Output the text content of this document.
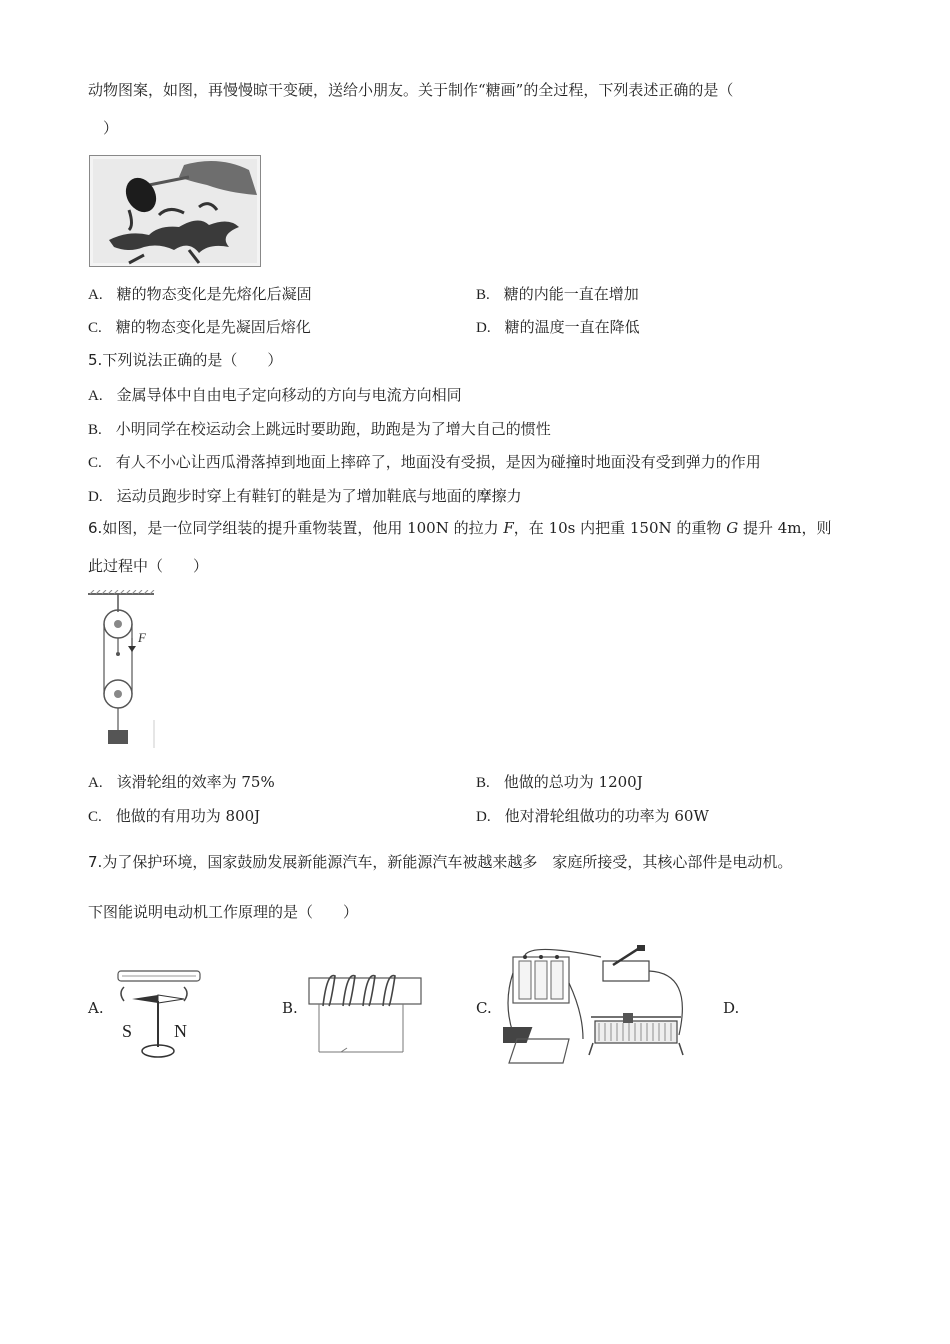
动物图案，如图，再慢慢晾干变硬，送给小朋友。关于制作“糖画”的全过程，下列表述正确的是（
）
A. 糖的物态变化是先熔化后凝固	B. 糖的内能一直在增加
C. 糖的物态变化是先凝固后熔化	D. 糖的温度一直在降低
5.下列说法正确的是（　　）
A. 金属导体中自由电子定向移动的方向与电流方向相同
B. 小明同学在校运动会上跳远时要助跑，助跑是为了增大自己的惯性
C. 有人不小心让西瓜滑落掉到地面上摔碎了，地面没有受损，是因为碰撞时地面没有受到弹力的作用
D. 运动员跑步时穿上有鞋钉的鞋是为了增加鞋底与地面的摩擦力
6.如图，是一位同学组装的提升重物装置，他用 100N 的拉力 F，在 10s 内把重 150N 的重物 G 提升 4m，则
此过程中（　　）
F
A. 该滑轮组的效率为 75%	B. 他做的总功为 1200J
C. 他做的有用功为 800J	D. 他对滑轮组做功的功率为 60W
7.为了保护环境，国家鼓励发展新能源汽车，新能源汽车被越来越多　家庭所接受，其核心部件是电动机。
下图能说明电动机工作原理的是（　　）
A.
S N
B.	C.	D.
